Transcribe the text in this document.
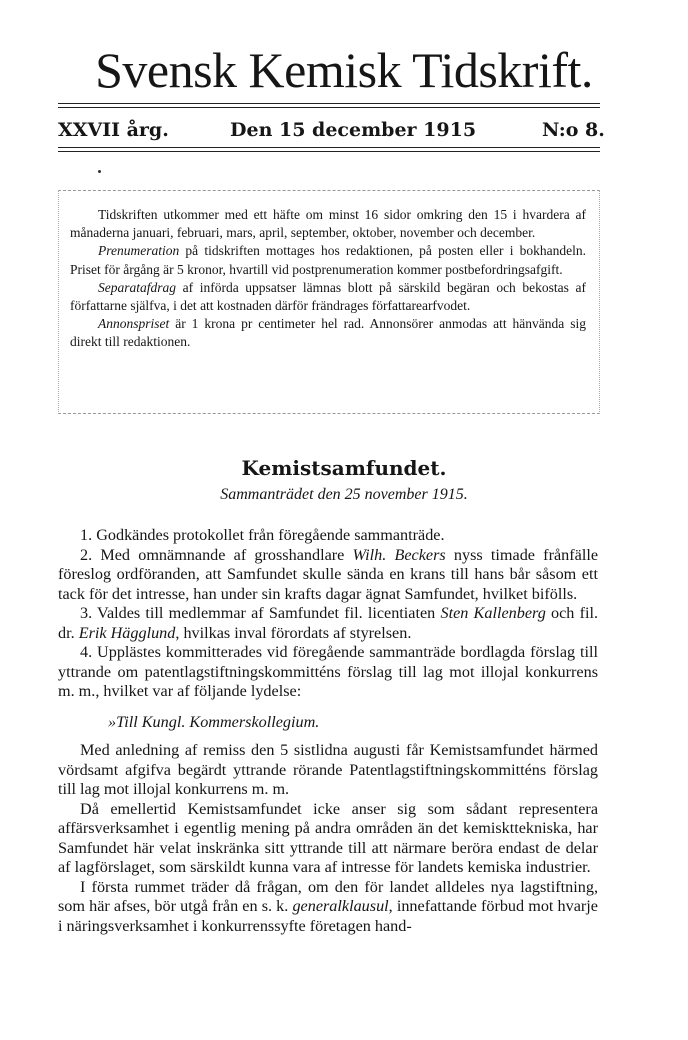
Svensk Kemisk Tidskrift.
XXVII årg.	Den 15 december 1915	N:o 8.

Tidskriften utkommer med ett häfte om minst 16 sidor omkring den 15 i hvardera af månaderna januari, februari, mars, april, september, oktober, november och december.

Prenumeration på tidskriften mottages hos redaktionen, på posten eller i bokhandeln. Priset för årgång är 5 kronor, hvartill vid postprenumeration kommer postbefordringsafgift.

Separatafdrag af införda uppsatser lämnas blott på särskild begäran och bekostas af författarne själfva, i det att kostnaden därför frändrages författarearfvodet.

Annonspriset är 1 krona pr centimeter hel rad. Annonsörer anmodas att hänvända sig direkt till redaktionen.

Kemistsamfundet.
Sammanträdet den 25 november 1915.

1. Godkändes protokollet från föregående sammanträde.

2. Med omnämnande af grosshandlare Wilh. Beckers nyss timade frånfälle föreslog ordföranden, att Samfundet skulle sända en krans till hans bår såsom ett tack för det intresse, han under sin krafts dagar ägnat Samfundet, hvilket bifölls.

3. Valdes till medlemmar af Samfundet fil. licentiaten Sten Kallenberg och fil. dr. Erik Hägglund, hvilkas inval förordats af styrelsen.

4. Upplästes kommitterades vid föregående sammanträde bordlagda förslag till yttrande om patentlagstiftningskommitténs förslag till lag mot illojal konkurrens m. m., hvilket var af följande lydelse:

»Till Kungl. Kommerskollegium.

Med anledning af remiss den 5 sistlidna augusti får Kemistsamfundet härmed vördsamt afgifva begärdt yttrande rörande Patentlagstiftningskommitténs förslag till lag mot illojal konkurrens m. m.

Då emellertid Kemistsamfundet icke anser sig som sådant representera affärsverksamhet i egentlig mening på andra områden än det kemiskttekniska, har Samfundet här velat inskränka sitt yttrande till att närmare beröra endast de delar af lagförslaget, som särskildt kunna vara af intresse för landets kemiska industrier.

I första rummet träder då frågan, om den för landet alldeles nya lagstiftning, som här afses, bör utgå från en s. k. generalklausul, innefattande förbud mot hvarje i näringsverksamhet i konkurrenssyfte företagen hand-
